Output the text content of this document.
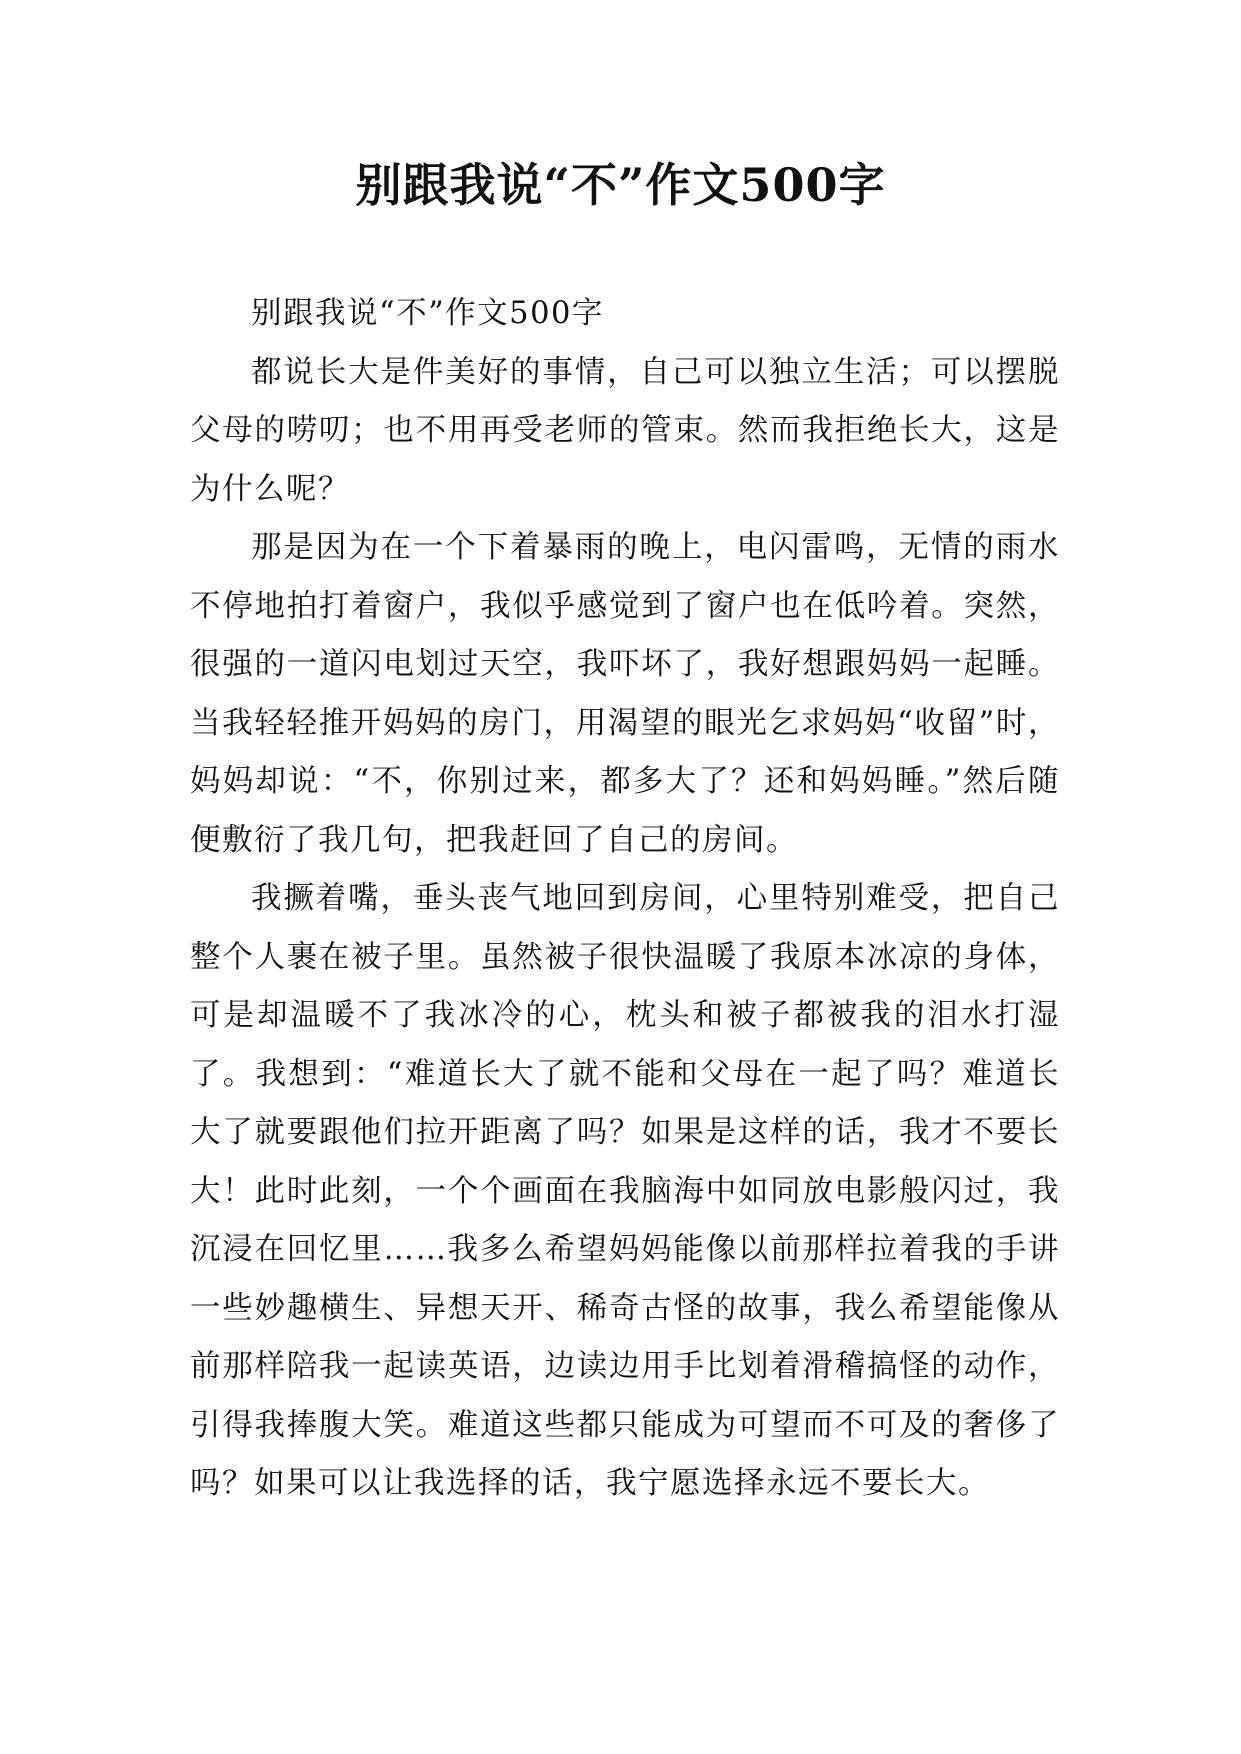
别跟我说“不”作文500字

别跟我说“不”作文500字

都说长大是件美好的事情，自己可以独立生活；可以摆脱父母的唠叨；也不用再受老师的管束。然而我拒绝长大，这是为什么呢？

那是因为在一个下着暴雨的晚上，电闪雷鸣，无情的雨水不停地拍打着窗户，我似乎感觉到了窗户也在低吟着。突然，很强的一道闪电划过天空，我吓坏了，我好想跟妈妈一起睡。当我轻轻推开妈妈的房门，用渴望的眼光乞求妈妈“收留”时，妈妈却说：“不，你别过来，都多大了？还和妈妈睡。”然后随便敷衍了我几句，把我赶回了自己的房间。

我撅着嘴，垂头丧气地回到房间，心里特别难受，把自己整个人裹在被子里。虽然被子很快温暖了我原本冰凉的身体，可是却温暖不了我冰冷的心，枕头和被子都被我的泪水打湿了。我想到：“难道长大了就不能和父母在一起了吗？难道长大了就要跟他们拉开距离了吗？如果是这样的话，我才不要长大！此时此刻，一个个画面在我脑海中如同放电影般闪过，我沉浸在回忆里……我多么希望妈妈能像以前那样拉着我的手讲一些妙趣横生、异想天开、稀奇古怪的故事，我么希望能像从前那样陪我一起读英语，边读边用手比划着滑稽搞怪的动作，引得我捧腹大笑。难道这些都只能成为可望而不可及的奢侈了吗？如果可以让我选择的话，我宁愿选择永远不要长大。
